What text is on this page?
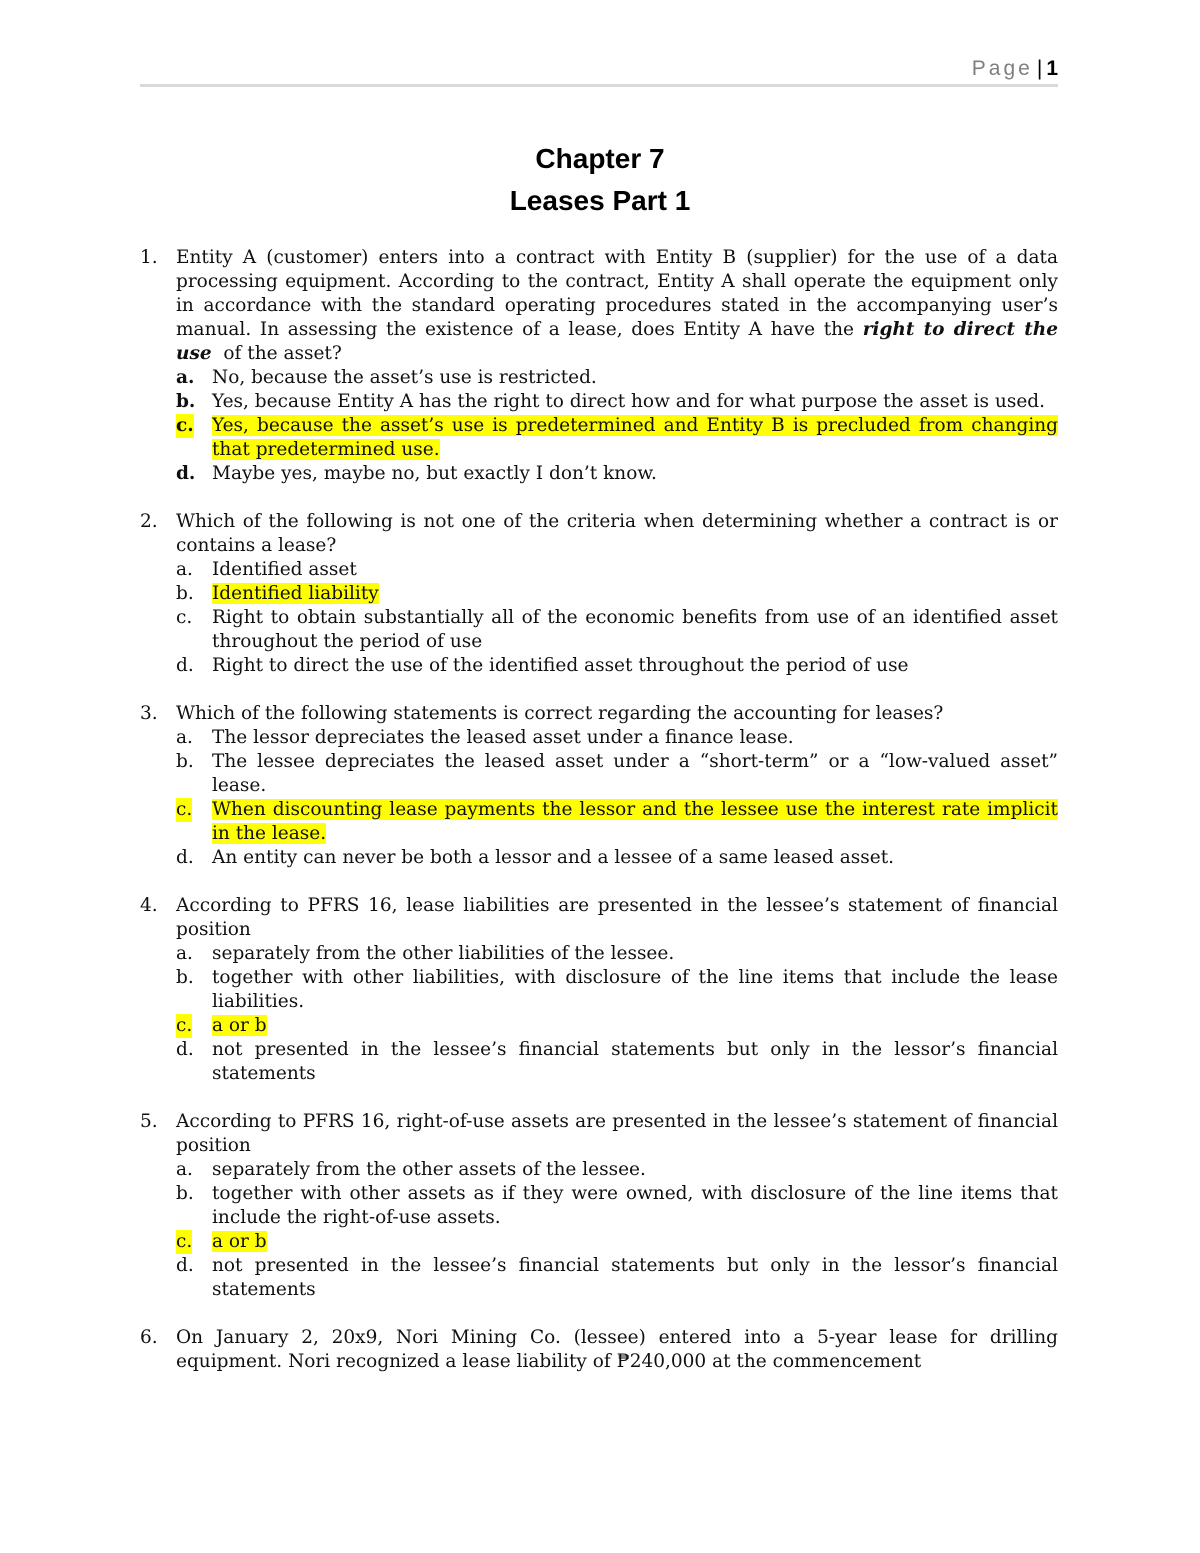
Page | 1
Chapter 7
Leases Part 1
1. Entity A (customer) enters into a contract with Entity B (supplier) for the use of a data processing equipment. According to the contract, Entity A shall operate the equipment only in accordance with the standard operating procedures stated in the accompanying user’s manual. In assessing the existence of a lease, does Entity A have the right to direct the use of the asset?
a. No, because the asset’s use is restricted.
b. Yes, because Entity A has the right to direct how and for what purpose the asset is used.
c. Yes, because the asset’s use is predetermined and Entity B is precluded from changing that predetermined use.
d. Maybe yes, maybe no, but exactly I don’t know.
2. Which of the following is not one of the criteria when determining whether a contract is or contains a lease?
a. Identified asset
b. Identified liability
c. Right to obtain substantially all of the economic benefits from use of an identified asset throughout the period of use
d. Right to direct the use of the identified asset throughout the period of use
3. Which of the following statements is correct regarding the accounting for leases?
a. The lessor depreciates the leased asset under a finance lease.
b. The lessee depreciates the leased asset under a “short-term” or a “low-valued asset” lease.
c. When discounting lease payments the lessor and the lessee use the interest rate implicit in the lease.
d. An entity can never be both a lessor and a lessee of a same leased asset.
4. According to PFRS 16, lease liabilities are presented in the lessee’s statement of financial position
a. separately from the other liabilities of the lessee.
b. together with other liabilities, with disclosure of the line items that include the lease liabilities.
c. a or b
d. not presented in the lessee’s financial statements but only in the lessor’s financial statements
5. According to PFRS 16, right-of-use assets are presented in the lessee’s statement of financial position
a. separately from the other assets of the lessee.
b. together with other assets as if they were owned, with disclosure of the line items that include the right-of-use assets.
c. a or b
d. not presented in the lessee’s financial statements but only in the lessor’s financial statements
6. On January 2, 20x9, Nori Mining Co. (lessee) entered into a 5-year lease for drilling equipment. Nori recognized a lease liability of ₱240,000 at the commencement
